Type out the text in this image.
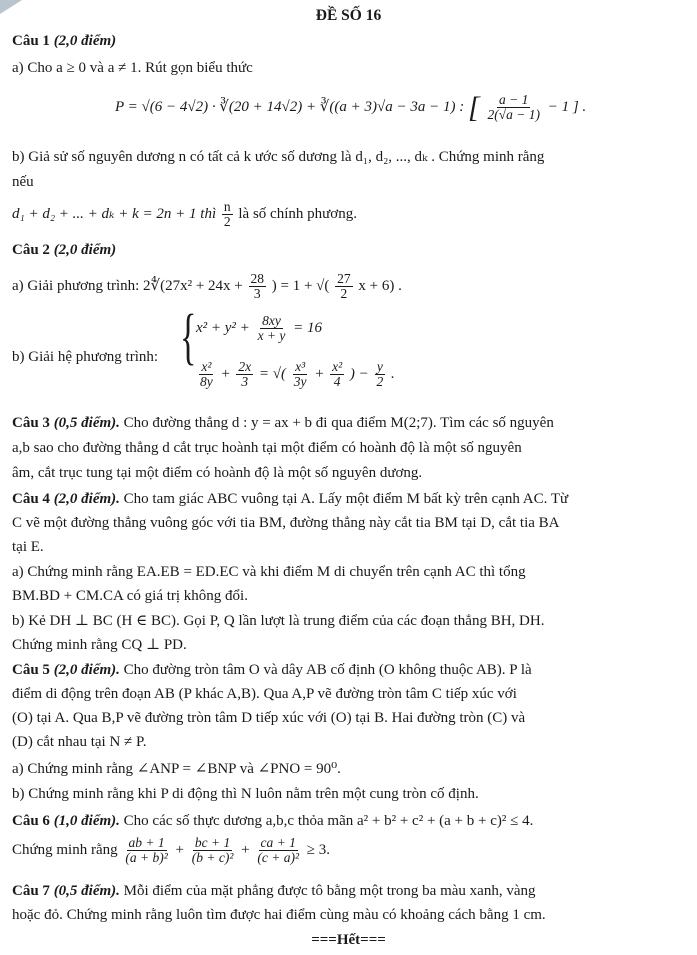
ĐỀ SỐ 16
Câu 1 (2,0 điểm)
a) Cho a ≥ 0 và a ≠ 1. Rút gọn biểu thức
P = √(6 − 4√2) · ∛(20 + 14√2) + ∛((a + 3)√a − 3a − 1) : [ $\frac{a - 1}{2(√a - 1)} - 1$ ] .
b) Giả sử số nguyên dương n có tất cả k ước số dương là d₁, d₂, ..., dₖ . Chứng minh rằng
nếu
d₁ + d₂ + ... + dₖ + k = 2n + 1 thì $\frac{n}{2}$ là số chính phương.
Câu 2 (2,0 điểm)
a) Giải phương trình: 2∜(27x² + $24x + \frac{28}{3}$ ) = 1 + √( $\frac{27}{2}$ x + 6) .
b) Giải hệ phương trình: { $x^2 + y^2 + \frac{8xy}{x + y} = 16$
$\frac{\text{x²}}{8y} + \frac{2x}{3}$ = √( $\frac{\text{x³}}{3y} + \frac{\text{x²}}{4}$ ) − $\frac{y}{2}$ .
Câu 3 (0,5 điểm). Cho đường thẳng d : y = ax + b đi qua điểm M(2;7). Tìm các số nguyên
a,b sao cho đường thẳng d cắt trục hoành tại một điểm có hoành độ là một số nguyên
âm, cắt trục tung tại một điểm có hoành độ là một số nguyên dương.
Câu 4 (2,0 điểm). Cho tam giác ABC vuông tại A. Lấy một điểm M bất kỳ trên cạnh AC. Từ
C vẽ một đường thẳng vuông góc với tia BM, đường thẳng này cắt tia BM tại D, cắt tia BA
tại E.
a) Chứng minh rằng EA.EB = ED.EC và khi điểm M di chuyển trên cạnh AC thì tổng
BM.BD + CM.CA có giá trị không đổi.
b) Kẻ DH ⊥ BC (H ∈ BC). Gọi P, Q lần lượt là trung điểm của các đoạn thẳng BH, DH.
Chứng minh rằng CQ ⊥ PD.
Câu 5 (2,0 điểm). Cho đường tròn tâm O và dây AB cố định (O không thuộc AB). P là
điểm di động trên đoạn AB (P khác A,B). Qua A,P vẽ đường tròn tâm C tiếp xúc với
(O) tại A. Qua B,P vẽ đường tròn tâm D tiếp xúc với (O) tại B. Hai đường tròn (C) và
(D) cắt nhau tại N ≠ P.
a) Chứng minh rằng ∠ANP = ∠BNP và ∠PNO = 90⁰.
b) Chứng minh rằng khi P di động thì N luôn nằm trên một cung tròn cố định.
Câu 6 (1,0 điểm). Cho các số thực dương a,b,c thỏa mãn a² + b² + c² + (a + b + c)² ≤ 4.
Chứng minh rằng $\frac{ab + 1}{\text{(a + b)²}} + \frac{bc + 1}{\text{(b + c)²}} + \frac{ca + 1}{\text{(c + a)²}} \ge 3$.
Câu 7 (0,5 điểm). Mỗi điểm của mặt phẳng được tô bằng một trong ba màu xanh, vàng
hoặc đỏ. Chứng minh rằng luôn tìm được hai điểm cùng màu có khoảng cách bằng 1 cm.
===Hết===
